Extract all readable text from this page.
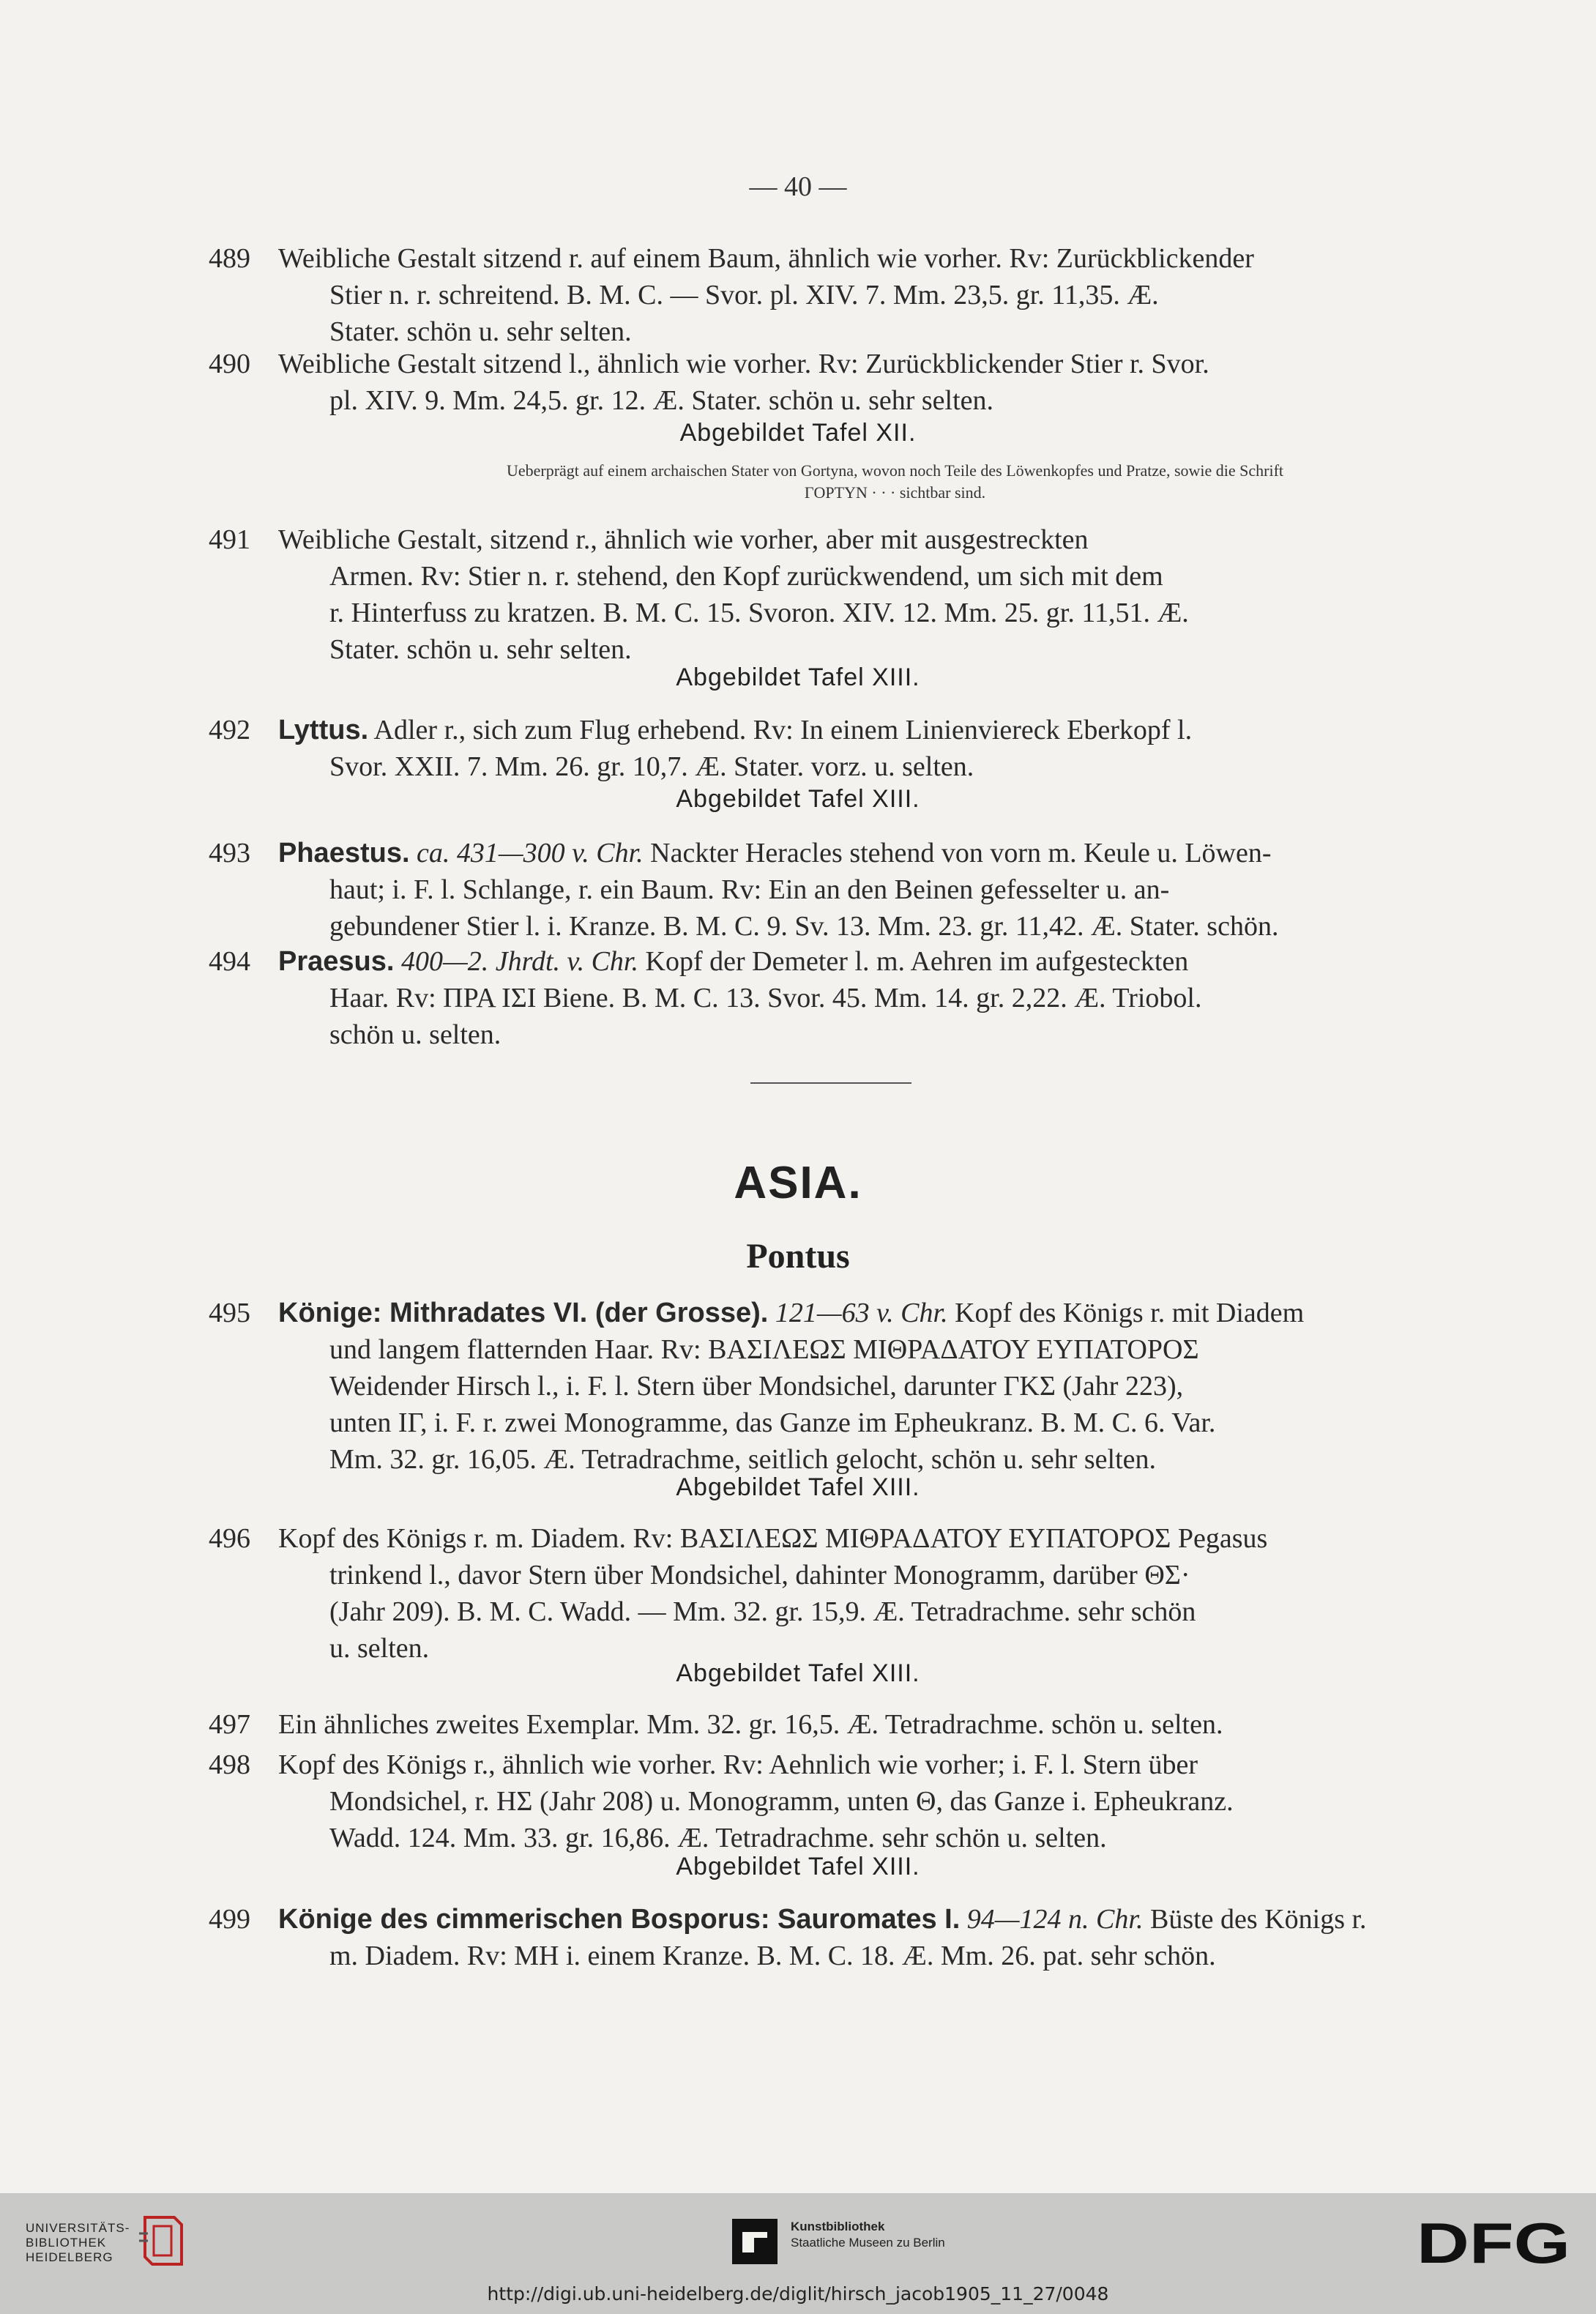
— 40 —
489	Weibliche Gestalt sitzend r. auf einem Baum, ähnlich wie vorher. Rv: Zurückblickender
Stier n. r. schreitend. B. M. C. — Svor. pl. XIV. 7. Mm. 23,5. gr. 11,35. Æ.
Stater. schön u. sehr selten.
490	Weibliche Gestalt sitzend l., ähnlich wie vorher. Rv: Zurückblickender Stier r. Svor.
pl. XIV. 9. Mm. 24,5. gr. 12. Æ. Stater. schön u. sehr selten.
Abgebildet Tafel XII.
Ueberprägt auf einem archaischen Stater von Gortyna, wovon noch Teile des Löwenkopfes und Pratze, sowie die Schrift
ΓΟΡΤΥΝ · · · sichtbar sind.
491	Weibliche Gestalt, sitzend r., ähnlich wie vorher, aber mit ausgestreckten
Armen. Rv: Stier n. r. stehend, den Kopf zurückwendend, um sich mit dem
r. Hinterfuss zu kratzen. B. M. C. 15. Svoron. XIV. 12. Mm. 25. gr. 11,51. Æ.
Stater. schön u. sehr selten.
Abgebildet Tafel XIII.
492	Lyttus. Adler r., sich zum Flug erhebend. Rv: In einem Linienviereck Eberkopf l.
Svor. XXII. 7. Mm. 26. gr. 10,7. Æ. Stater. vorz. u. selten.
Abgebildet Tafel XIII.
493	Phaestus. ca. 431—300 v. Chr. Nackter Heracles stehend von vorn m. Keule u. Löwen-
haut; i. F. l. Schlange, r. ein Baum. Rv: Ein an den Beinen gefesselter u. an-
gebundener Stier l. i. Kranze. B. M. C. 9. Sv. 13. Mm. 23. gr. 11,42. Æ. Stater. schön.
494	Praesus. 400—2. Jhrdt. v. Chr. Kopf der Demeter l. m. Aehren im aufgesteckten
Haar. Rv: ΠΡΑ ΙΣΙ Biene. B. M. C. 13. Svor. 45. Mm. 14. gr. 2,22. Æ. Triobol.
schön u. selten.
ASIA.
Pontus
495	Könige: Mithradates VI. (der Grosse). 121—63 v. Chr. Kopf des Königs r. mit Diadem
und langem flatternden Haar. Rv: ΒΑΣΙΛΕΩΣ ΜΙΘΡΑΔΑΤΟΥ ΕΥΠΑΤΟΡΟΣ
Weidender Hirsch l., i. F. l. Stern über Mondsichel, darunter ΓΚΣ (Jahr 223),
unten ΙΓ, i. F. r. zwei Monogramme, das Ganze im Epheukranz. B. M. C. 6. Var.
Mm. 32. gr. 16,05. Æ. Tetradrachme, seitlich gelocht, schön u. sehr selten.
Abgebildet Tafel XIII.
496	Kopf des Königs r. m. Diadem. Rv: ΒΑΣΙΛΕΩΣ ΜΙΘΡΑΔΑΤΟΥ ΕΥΠΑΤΟΡΟΣ Pegasus
trinkend l., davor Stern über Mondsichel, dahinter Monogramm, darüber ΘΣ·
(Jahr 209). B. M. C. Wadd. — Mm. 32. gr. 15,9. Æ. Tetradrachme. sehr schön
u. selten.
Abgebildet Tafel XIII.
497	Ein ähnliches zweites Exemplar. Mm. 32. gr. 16,5. Æ. Tetradrachme. schön u. selten.
498	Kopf des Königs r., ähnlich wie vorher. Rv: Aehnlich wie vorher; i. F. l. Stern über
Mondsichel, r. ΗΣ (Jahr 208) u. Monogramm, unten Θ, das Ganze i. Epheukranz.
Wadd. 124. Mm. 33. gr. 16,86. Æ. Tetradrachme. sehr schön u. selten.
Abgebildet Tafel XIII.
499	Könige des cimmerischen Bosporus: Sauromates I. 94—124 n. Chr. Büste des Königs r.
m. Diadem. Rv: ΜΗ i. einem Kranze. B. M. C. 18. Æ. Mm. 26. pat. sehr schön.
UNIVERSITÄTS-
BIBLIOTHEK
HEIDELBERG
Kunstbibliothek
Staatliche Museen zu Berlin	DFG
http://digi.ub.uni-heidelberg.de/diglit/hirsch_jacob1905_11_27/0048
